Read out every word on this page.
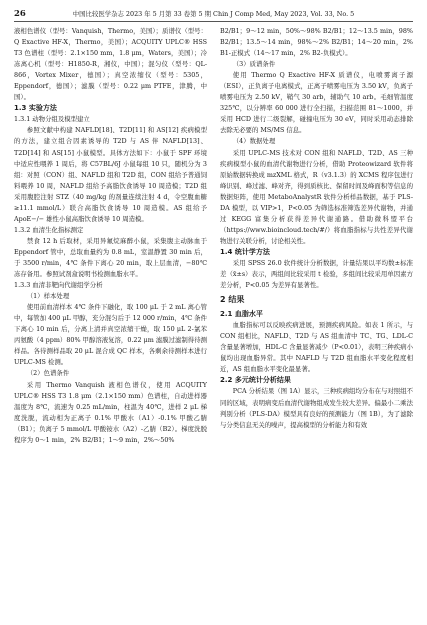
26	中国比较医学杂志 2023 年 5 月第 33 卷第 5 期 Chin J Comp Med, May 2023, Vol. 33, No. 5

液相色谱仪（型号：Vanquish，Thermo，美国）；质谱仪（型号：Q Exactive HF-X，Thermo，美国）；ACQUITY UPLC® HSS T3 色谱柱（型号：2.1×150 mm，1.8 μm，Waters，美国）；冷冻离心机（型号：H1850-R，湘仪，中国）；混匀仪（型号：QL-866，Vortex Mixer，德国）；真空浓缩仪（型号：5305，Eppendorf，德国）；滤膜（型号：0.22 μm PTFE，津腾，中国）。

1.3 实验方法
1.3.1 动物分组及模型建立

参照文献中构建 NAFLD[18]、T2D[11] 和 AS[12] 疾病模型的方法，建立组合因素诱导的 T2D 与 AS 伴 NAFLD[13]、T2D[14] 和 AS[15] 小鼠模型。具体方法如下：小鼠于 SPF 环境中适应性喂养 1 周后，将 C57BL/6J 小鼠每组 10 只，随机分为 3 组：对照（CON）组、NAFLD 组和 T2D 组，CON 组给予普通饲料喂养 10 周，NAFLD 组给予高脂饮食诱导 10 周造模；T2D 组采用腹腔注射 STZ（40 mg/kg 的剂量连续注射 4 d，令空腹血糖≥11.1 mmol/L）联合高脂饮食诱导 10 周造模。AS 组给予 ApoE−/− 雄性小鼠高脂饮食诱导 10 周造模。

1.3.2 血清生化指标测定

禁食 12 h 后取材，采用异氟烷麻醉小鼠，采集腹主动脉血于 Eppendorf 管中，总取血量约为 0.8 mL，室温静置 30 min 后，于 3500 r/min，4℃ 条件下离心 20 min，取上层血清，−80℃ 冻存备用。参照试剂盒说明书检测血脂水平。

1.3.3 血清非靶向代谢组学分析
（1）样本处理

使用前血清样本 4℃ 条件下融化，取 100 μL 于 2 mL 离心管中，每管加 400 μL 甲醇，充分混匀后于 12 000 r/min，4℃ 条件下离心 10 min 后，分离上清并真空浓缩干燥，取 150 μL 2-氯苯丙氨酸（4 ppm）80% 甲醇溶液复溶，0.22 μm 滤膜过滤制得待测样品。各待测样品取 20 μL 混合成 QC 样本，各剩余待测样本进行 UPLC-MS 检测。

（2）色谱条件

采用 Thermo Vanquish 液相色谱仪，使用 ACQUITY UPLC® HSS T3 1.8 μm（2.1×150 mm）色谱柱，自动进样器温度为 8℃，流速为 0.25 mL/min，柱温为 40℃，进样 2 μL 梯度洗脱，流动相为正离子 0.1% 甲酸水（A1）-0.1% 甲酸乙腈（B1）；负离子 5 mmol/L 甲酸铵水（A2）-乙腈（B2）。梯度洗脱程序为 0～1 min，2% B2/B1；1～9 min，2%～50%

B2/B1；9～12 min，50%～98% B2/B1；12～13.5 min，98% B2/B1；13.5～14 min，98%～2% B2/B1；14～20 min，2% B1-正模式（14～17 min，2% B2-负模式）。

（3）质谱条件

使用 Thermo Q Exactive HF-X 质谱仪，电喷雾离子源（ESI），正负离子电离模式，正离子喷雾电压为 3.50 kV，负离子喷雾电压为 2.50 kV，鞘气 30 arb，辅助气 10 arb。毛细管温度 325℃，以分辨率 60 000 进行全扫描，扫描范围 81～1000，并采用 HCD 进行二级裂解，碰撞电压为 30 eV，同时采用动态排除去除无必要的 MS/MS 信息。

（4）数据处理

采用 UPLC-MS 技术对 CON 组和 NAFLD、T2D、AS 三种疾病模型小鼠的血清代谢物进行分析，借助 Proteowizard 软件将原始数据转换成 mzXML 格式，R（v3.1.3）的 XCMS 程序包进行峰识别、峰过滤、峰对齐，得到质核比、保留时间及峰面积等信息的数据矩阵，使用 MetaboAnalystR 软件分析样品数据，基于 PLS-DA 模型，以 VIP>1，P<0.05 为筛选标准筛选差异代谢物，并通过 KEGG 富集分析获得差异代谢通路。借助微科盟平台（https://www.bioincloud.tech/#/）将血脂指标与共性差异代谢物进行关联分析，讨论相关性。

1.4 统计学方法

采用 SPSS 26.0 软件统计分析数据，计量结果以平均数±标准差（x̄±s）表示，两组间比较采用 t 检验，多组间比较采用单因素方差分析，P<0.05 为差异有显著性。

2 结果
2.1 血脂水平

血脂指标可以反映疾病进展，预测疾病风险。如表 1 所示，与 CON 组相比，NAFLD、T2D 与 AS 组血清中 TC、TG、LDL-C 含量显著增加，HDL-C 含量显著减少（P<0.01），表明三种疾病小鼠均出现血脂异常。其中 NAFLD 与 T2D 组血脂水平变化程度相近，AS 组血脂水平变化最显著。

2.2 多元统计分析结果

PCA 分析结果（图 1A）显示，三种疾病组均分布在与对照组不同的区域，表明病变后血清代谢物组成发生较大差异。偏最小二乘法判别分析（PLS-DA）模型具有良好的预测能力（图 1B），为了滤除与分类信息无关的噪声，提高模型的分析能力和有效
